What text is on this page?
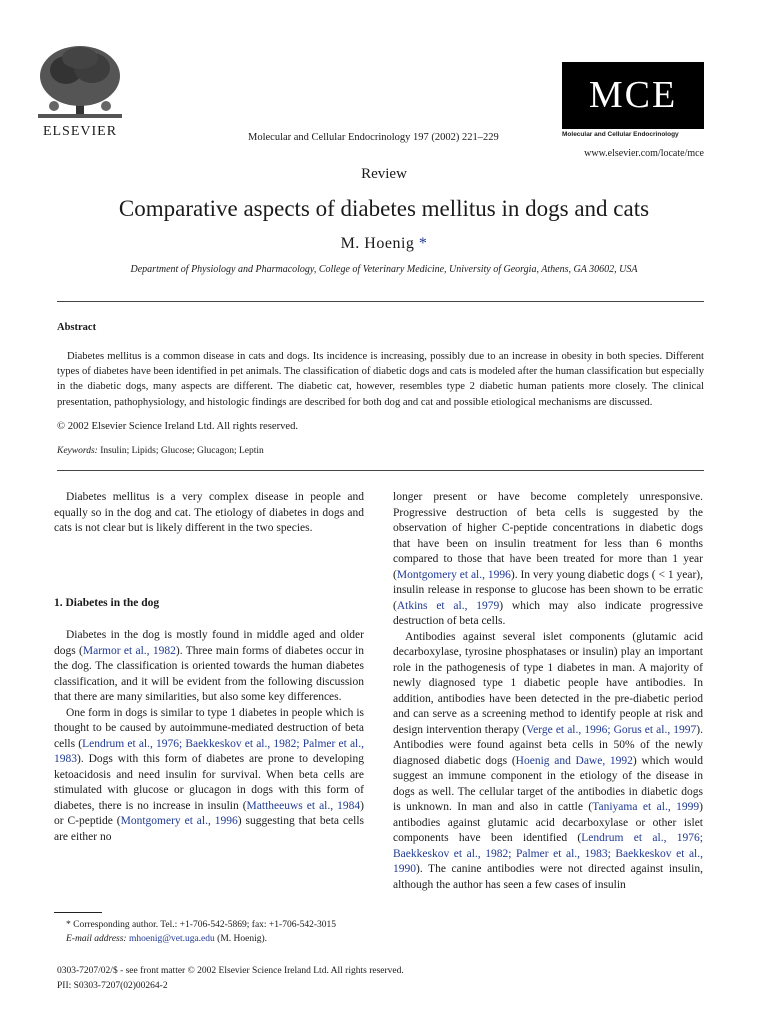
ELSEVIER	Molecular and Cellular Endocrinology 197 (2002) 221–229
MCE
Molecular and Cellular Endocrinology
www.elsevier.com/locate/mce
Review
Comparative aspects of diabetes mellitus in dogs and cats
M. Hoenig *
Department of Physiology and Pharmacology, College of Veterinary Medicine, University of Georgia, Athens, GA 30602, USA
Abstract

Diabetes mellitus is a common disease in cats and dogs. Its incidence is increasing, possibly due to an increase in obesity in both species. Different types of diabetes have been identified in pet animals. The classification of diabetic dogs and cats is modeled after the human classification but especially in the diabetic dogs, many aspects are different. The diabetic cat, however, resembles type 2 diabetic human patients more closely. The clinical presentation, pathophysiology, and histologic findings are described for both dog and cat and possible etiological mechanisms are discussed.

© 2002 Elsevier Science Ireland Ltd. All rights reserved.
Keywords: Insulin; Lipids; Glucose; Glucagon; Leptin

Diabetes mellitus is a very complex disease in people and equally so in the dog and cat. The etiology of diabetes in dogs and cats is not clear but is likely different in the two species.

1. Diabetes in the dog

Diabetes in the dog is mostly found in middle aged and older dogs (Marmor et al., 1982). Three main forms of diabetes occur in the dog. The classification is oriented towards the human diabetes classification, and it will be evident from the following discussion that there are many similarities, but also some key differences.

One form in dogs is similar to type 1 diabetes in people which is thought to be caused by autoimmune-mediated destruction of beta cells (Lendrum et al., 1976; Baekkeskov et al., 1982; Palmer et al., 1983). Dogs with this form of diabetes are prone to developing ketoacidosis and need insulin for survival. When beta cells are stimulated with glucose or glucagon in dogs with this form of diabetes, there is no increase in insulin (Mattheeuws et al., 1984) or C-peptide (Montgomery et al., 1996) suggesting that beta cells are either no

longer present or have become completely unresponsive. Progressive destruction of beta cells is suggested by the observation of higher C-peptide concentrations in diabetic dogs that have been on insulin treatment for less than 6 months compared to those that have been treated for more than 1 year (Montgomery et al., 1996). In very young diabetic dogs ( < 1 year), insulin release in response to glucose has been shown to be erratic (Atkins et al., 1979) which may also indicate progressive destruction of beta cells.

Antibodies against several islet components (glutamic acid decarboxylase, tyrosine phosphatases or insulin) play an important role in the pathogenesis of type 1 diabetes in man. A majority of newly diagnosed type 1 diabetic people have antibodies. In addition, antibodies have been detected in the pre-diabetic period and can serve as a screening method to identify people at risk and design intervention therapy (Verge et al., 1996; Gorus et al., 1997). Antibodies were found against beta cells in 50% of the newly diagnosed diabetic dogs (Hoenig and Dawe, 1992) which would suggest an immune component in the etiology of the disease in dogs as well. The cellular target of the antibodies in diabetic dogs is unknown. In man and also in cattle (Taniyama et al., 1999) antibodies against glutamic acid decarboxylase or other islet components have been identified (Lendrum et al., 1976; Baekkeskov et al., 1982; Palmer et al., 1983; Baekkeskov et al., 1990). The canine antibodies were not directed against insulin, although the author has seen a few cases of insulin

* Corresponding author. Tel.: +1-706-542-5869; fax: +1-706-542-3015

E-mail address: mhoenig@vet.uga.edu (M. Hoenig).

0303-7207/02/$ - see front matter © 2002 Elsevier Science Ireland Ltd. All rights reserved.
PII: S0303-7207(02)00264-2
